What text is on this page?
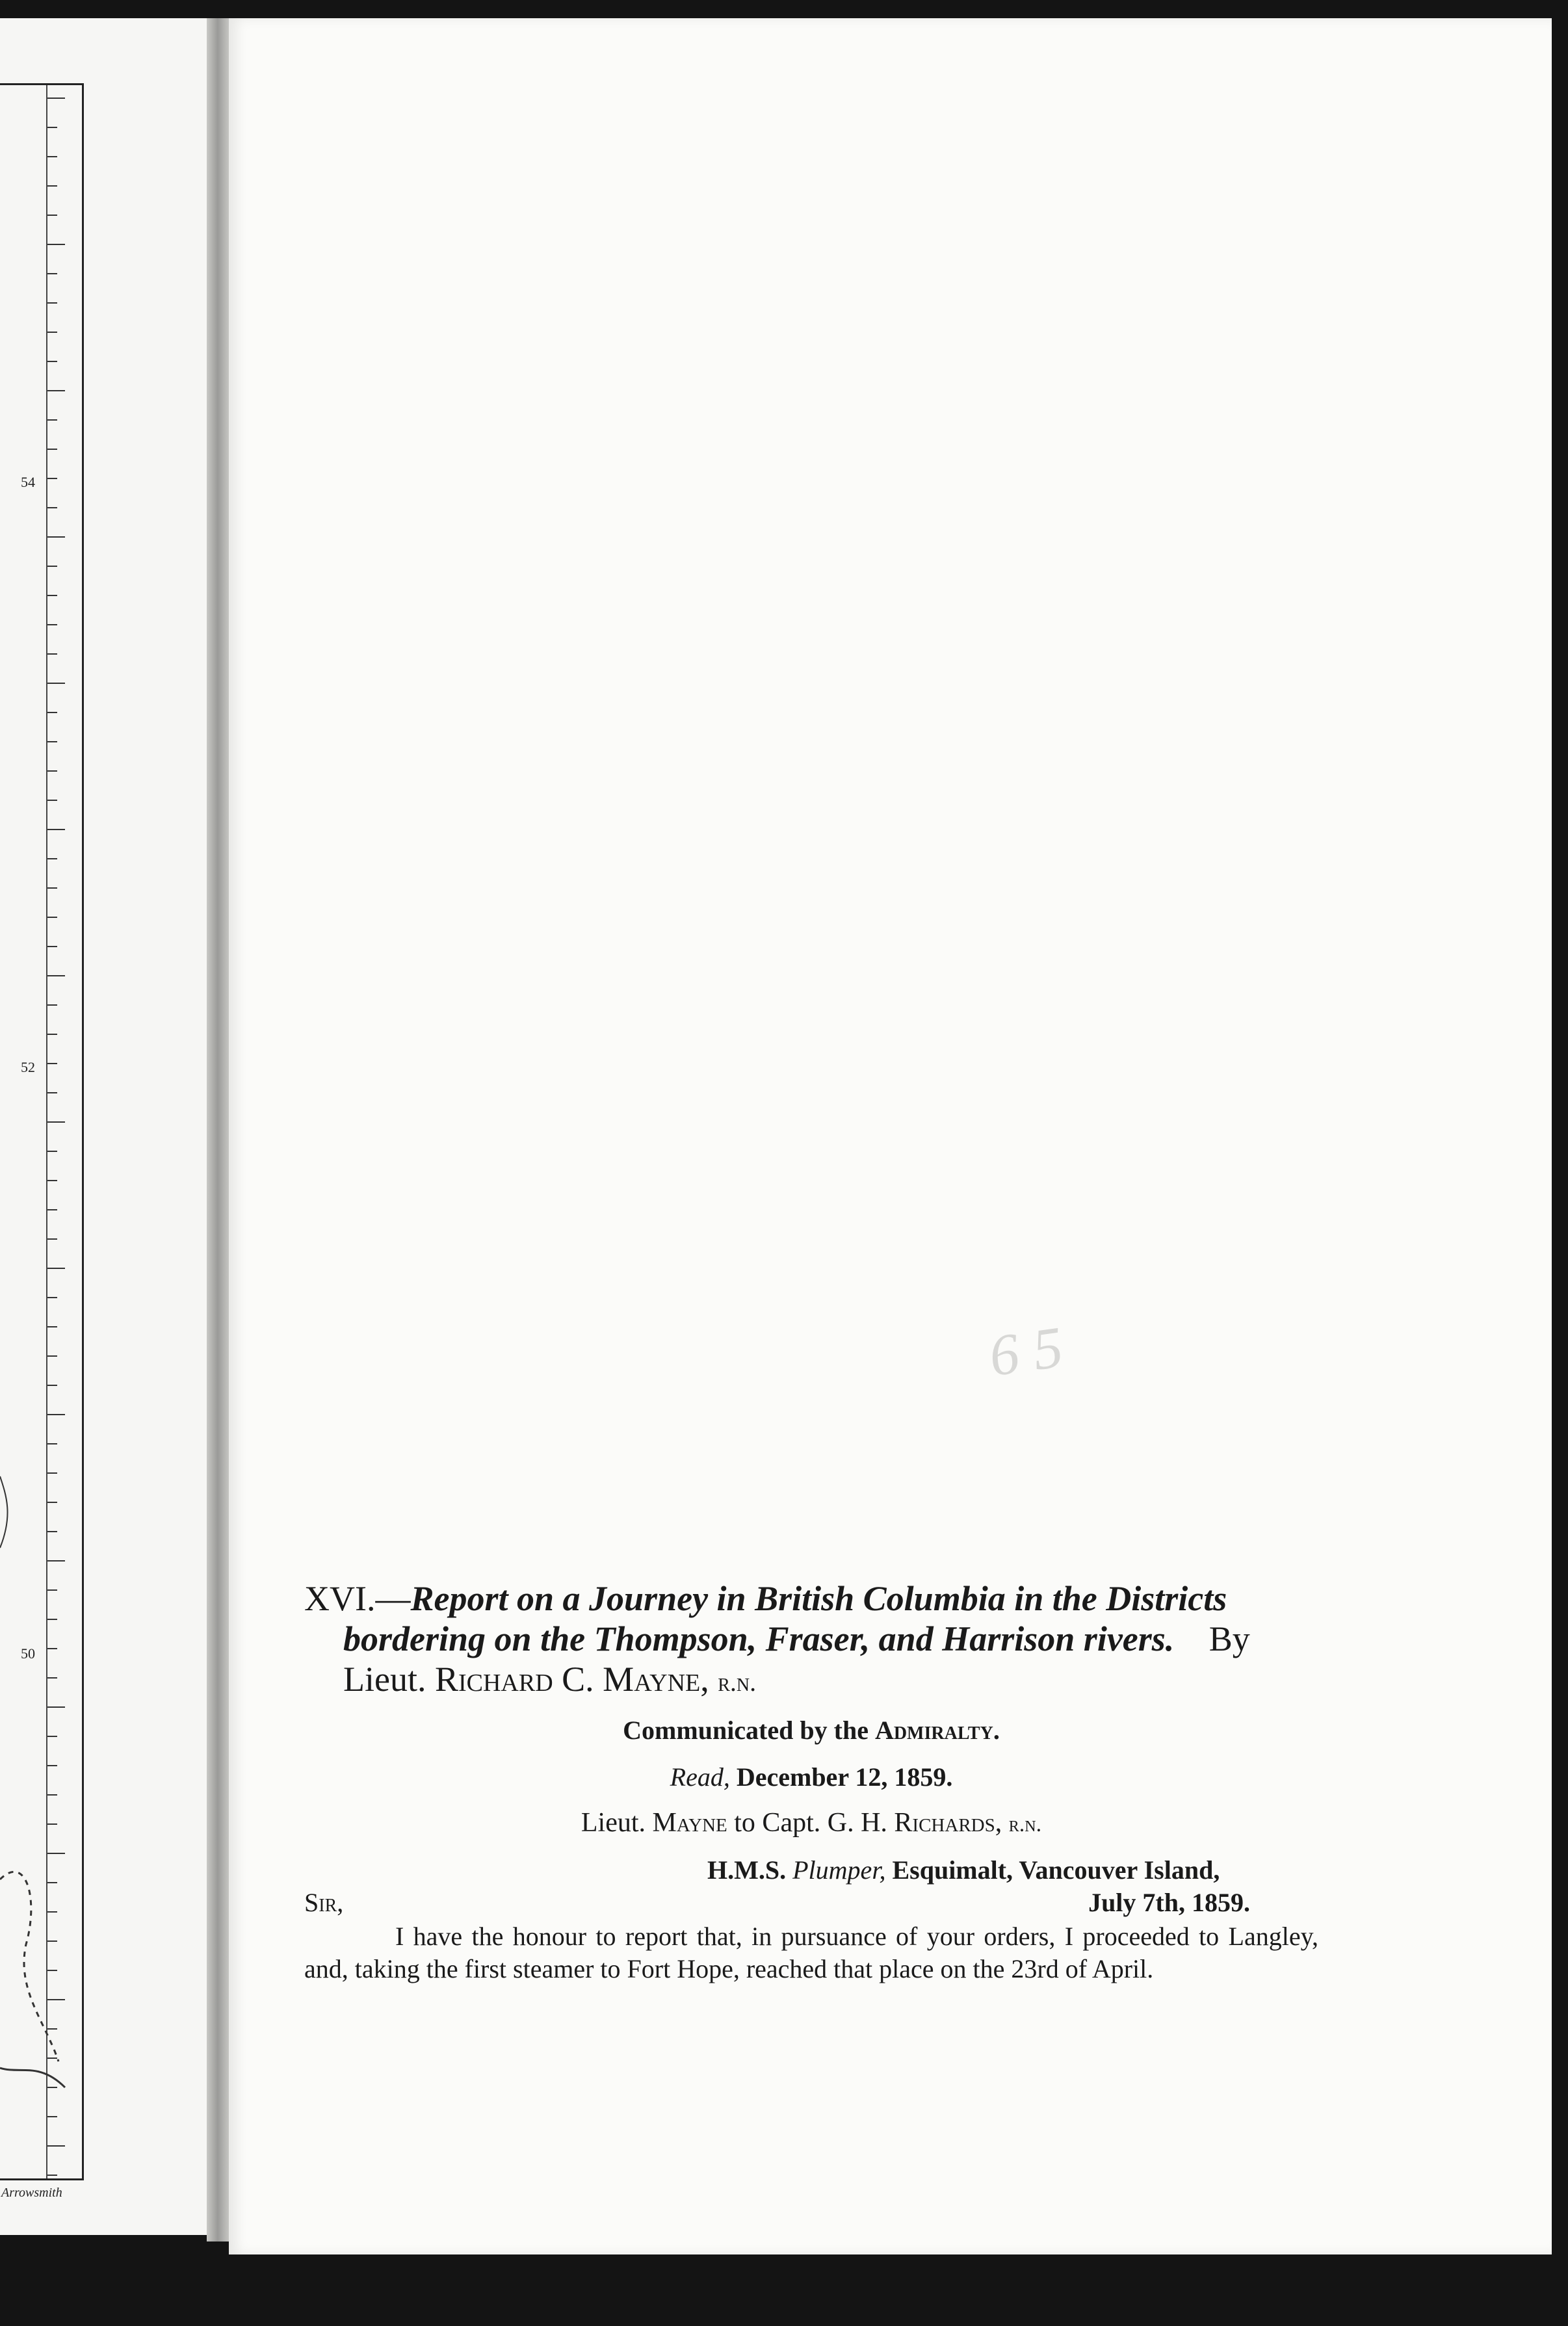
54
52
50
Arrowsmith
6 5
XVI.—Report on a Journey in British Columbia in the Districts
bordering on the Thompson, Fraser, and Harrison rivers. By
Lieut. Richard C. Mayne, r.n.
Communicated by the Admiralty.
Read, December 12, 1859.
Lieut. Mayne to Capt. G. H. Richards, r.n.
H.M.S. Plumper, Esquimalt, Vancouver Island,
Sir,	July 7th, 1859.
I have the honour to report that, in pursuance of your orders, I proceeded to Langley, and, taking the first steamer to Fort Hope, reached that place on the 23rd of April.
